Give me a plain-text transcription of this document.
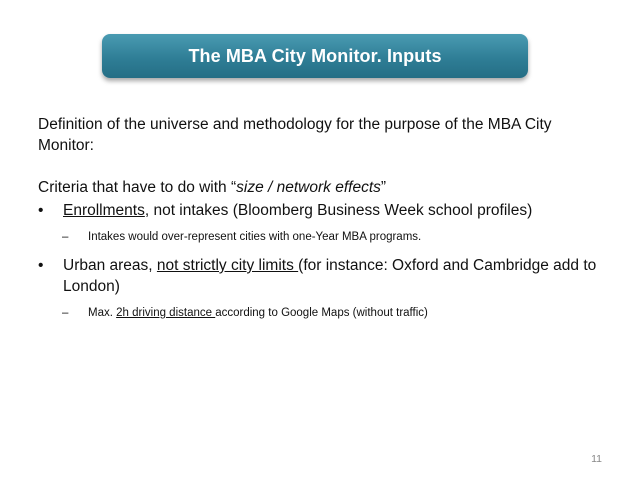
The MBA City Monitor. Inputs

Definition of the universe and methodology for the purpose of the MBA City Monitor:

Criteria that have to do with “size / network effects”

•	Enrollments, not intakes (Bloomberg Business Week school profiles)
–	Intakes would over-represent cities with one-Year MBA programs.
•	Urban areas, not strictly city limits (for instance: Oxford and Cambridge add to London)
–	Max. 2h driving distance according to Google Maps (without traffic)
11
